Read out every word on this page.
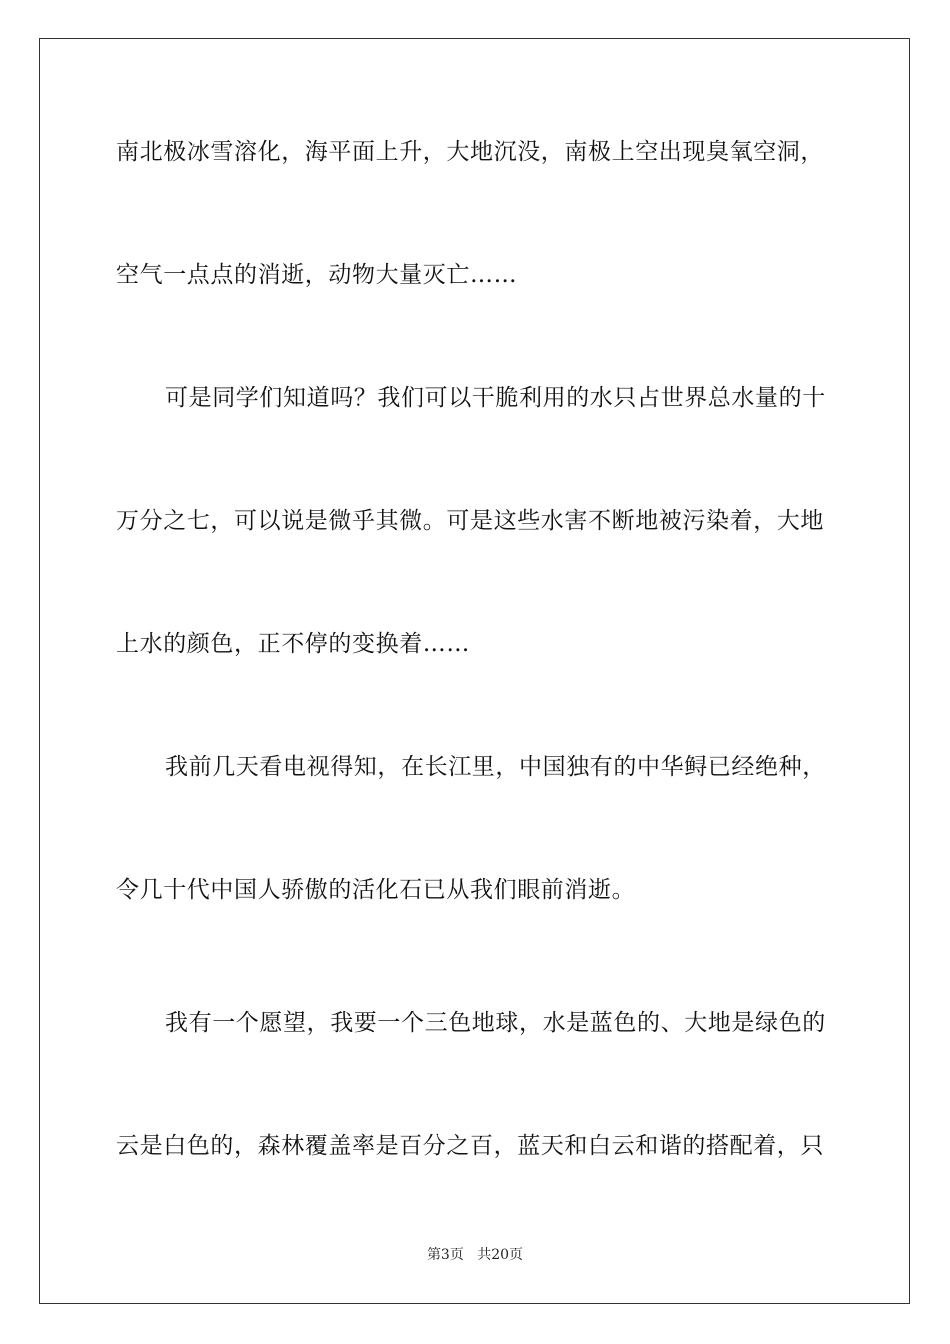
南北极冰雪溶化，海平面上升，大地沉没，南极上空出现臭氧空洞，
空气一点点的消逝，动物大量灭亡……
可是同学们知道吗？我们可以干脆利用的水只占世界总水量的十
万分之七，可以说是微乎其微。可是这些水害不断地被污染着，大地
上水的颜色，正不停的变换着……
我前几天看电视得知，在长江里，中国独有的中华鲟已经绝种，
令几十代中国人骄傲的活化石已从我们眼前消逝。
我有一个愿望，我要一个三色地球，水是蓝色的、大地是绿色的
云是白色的，森林覆盖率是百分之百，蓝天和白云和谐的搭配着，只
第3页 共20页
